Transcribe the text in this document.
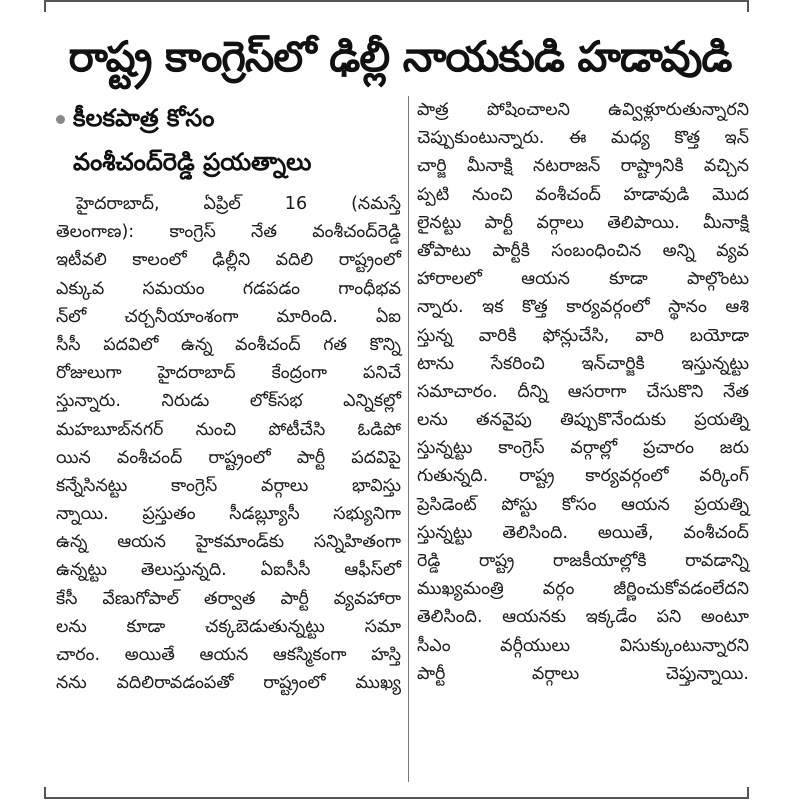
రాష్ట్ర కాంగ్రెస్‌లో ఢిల్లీ నాయకుడి హడావుడి
కీలకపాత్ర కోసం
వంశీచంద్‌రెడ్డి ప్రయత్నాలు
హైదరాబాద్, ఏప్రిల్ 16 (నమస్తే
తెలంగాణ): కాంగ్రెస్ నేత వంశీచంద్‌రెడ్డి
ఇటీవలి కాలంలో ఢిల్లీని వదిలి రాష్ట్రంలో
ఎక్కువ సమయం గడపడం గాంధీభవ
న్‌లో చర్చనీయాంశంగా మారింది. ఏఐ
సీసీ పదవిలో ఉన్న వంశీచంద్ గత కొన్ని
రోజులుగా హైదరాబాద్ కేంద్రంగా పనిచే
స్తున్నారు. నిరుడు లోక్‌సభ ఎన్నికల్లో
మహబూబ్‌నగర్ నుంచి పోటీచేసి ఓడిపో
యిన వంశీచంద్ రాష్ట్రంలో పార్టీ పదవిపై
కన్నేసినట్టు కాంగ్రెస్ వర్గాలు భావిస్తు
న్నాయి. ప్రస్తుతం సీడబ్ల్యూసీ సభ్యునిగా
ఉన్న ఆయన హైకమాండ్‌కు సన్నిహితంగా
ఉన్నట్టు తెలుస్తున్నది. ఏఐసీసీ ఆఫీస్‌లో
కేసీ వేణుగోపాల్ తర్వాత పార్టీ వ్యవహారా
లను కూడా చక్కబెడుతున్నట్టు సమా
చారం. అయితే ఆయన ఆకస్మికంగా హస్తి
నను వదిలిరావడంపతో రాష్ట్రంలో ముఖ్య
పాత్ర పోషించాలని ఉవ్విళ్లూరుతున్నారని
చెప్పుకుంటున్నారు. ఈ మధ్య కొత్త ఇన్
చార్జి మీనాక్షి నటరాజన్ రాష్ట్రానికి వచ్చిన
ప్పటి నుంచి వంశీచంద్ హడావుడి మొద
లైనట్టు పార్టీ వర్గాలు తెలిపాయి. మీనాక్షి
తోపాటు పార్టీకి సంబంధించిన అన్ని వ్యవ
హారాలలో ఆయన కూడా పాల్గొంటు
న్నారు. ఇక కొత్త కార్యవర్గంలో స్థానం ఆశి
స్తున్న వారికి ఫోన్లుచేసి, వారి బయోడా
టాను సేకరించి ఇన్‌చార్జికి ఇస్తున్నట్టు
సమాచారం. దీన్ని ఆసరాగా చేసుకొని నేత
లను తనవైపు తిప్పుకొనేందుకు ప్రయత్ని
స్తున్నట్టు కాంగ్రెస్ వర్గాల్లో ప్రచారం జరు
గుతున్నది. రాష్ట్ర కార్యవర్గంలో వర్కింగ్
ప్రెసిడెంట్ పోస్టు కోసం ఆయన ప్రయత్ని
స్తున్నట్టు తెలిసింది. అయితే, వంశీచంద్
రెడ్డి రాష్ట్ర రాజకీయాల్లోకి రావడాన్ని
ముఖ్యమంత్రి వర్గం జీర్ణించుకోవడంలేదని
తెలిసింది. ఆయనకు ఇక్కడేం పని అంటూ
సీఎం వర్గీయులు విసుక్కుంటున్నారని
పార్టీ వర్గాలు చెప్తున్నాయి.
